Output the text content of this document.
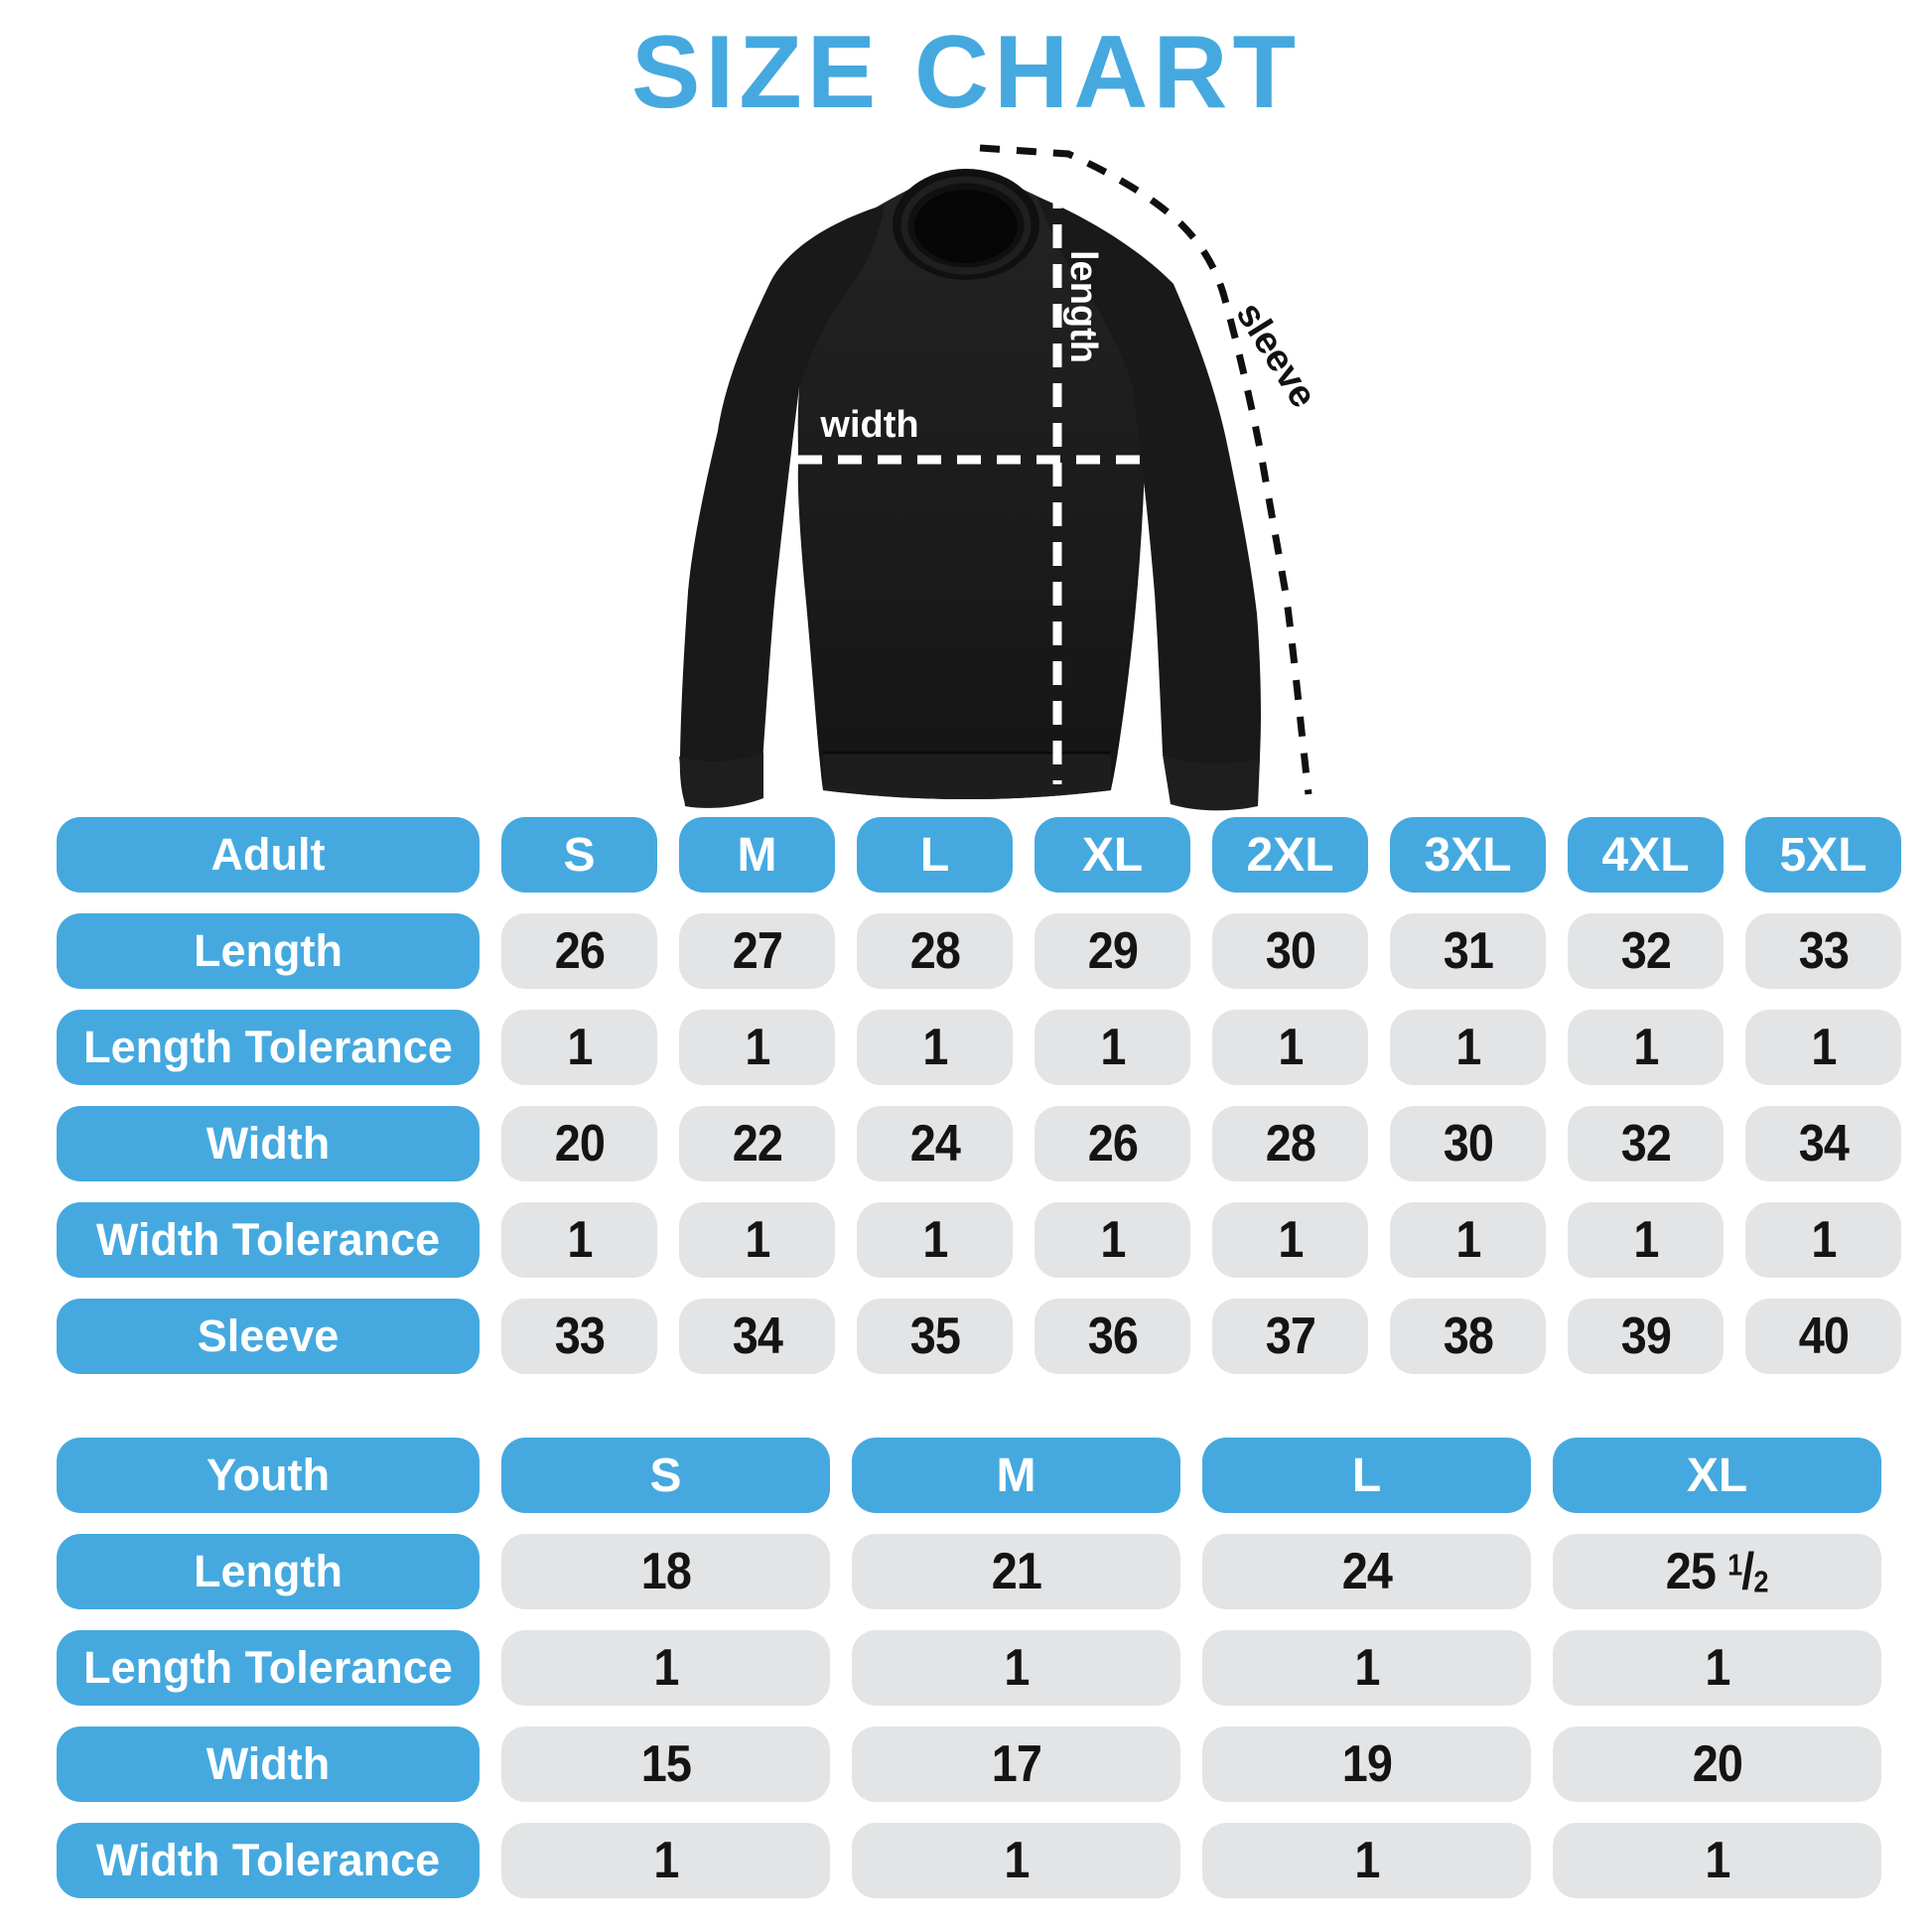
SIZE CHART
width
length	sleeve
Adult	S	M	L	XL 2XL 3XL 4XL 5XL
Length	26 27 28 29 30 31 32 33
Length Tolerance 1	1	1	1	1	1	1	1
Width	20 22 24 26 28 30 32 34
Width Tolerance 1	1	1	1	1	1	1	1
Sleeve	33 34 35 36 37 38 39 40
Youth	S	M	L	XL
Length	18	21	24	25 $^1/_2$
Length Tolerance	1	1	1	1
Width	15	17	19	20
Width Tolerance	1	1	1	1
